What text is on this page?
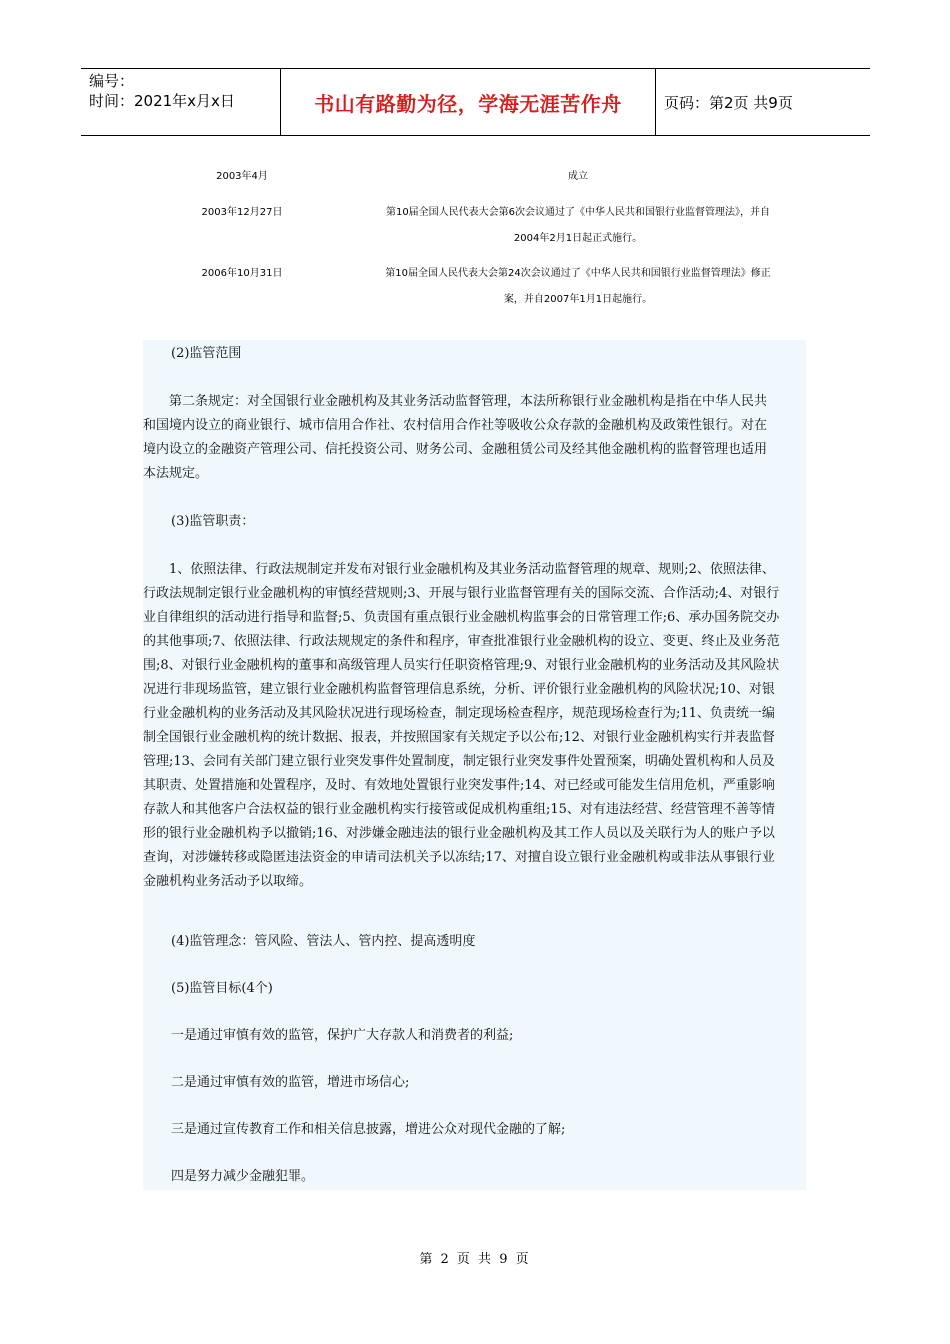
编号：
时间：2021年x月x日	书山有路勤为径，学海无涯苦作舟	页码：第2页 共9页
2003年4月	成立
2003年12月27日	第10届全国人民代表大会第6次会议通过了《中华人民共和国银行业监督管理法》，并自
2004年2月1日起正式施行。
2006年10月31日	第10届全国人民代表大会第24次会议通过了《中华人民共和国银行业监督管理法》修正
案，并自2007年1月1日起施行。
(2)监管范围
　　第二条规定：对全国银行业金融机构及其业务活动监督管理，本法所称银行业金融机构是指在中华人民共
和国境内设立的商业银行、城市信用合作社、农村信用合作社等吸收公众存款的金融机构及政策性银行。对在
境内设立的金融资产管理公司、信托投资公司、财务公司、金融租赁公司及经其他金融机构的监督管理也适用
本法规定。
(3)监管职责：
　　1、依照法律、行政法规制定并发布对银行业金融机构及其业务活动监督管理的规章、规则;2、依照法律、
行政法规制定银行业金融机构的审慎经营规则;3、开展与银行业监督管理有关的国际交流、合作活动;4、对银行
业自律组织的活动进行指导和监督;5、负责国有重点银行业金融机构监事会的日常管理工作;6、承办国务院交办
的其他事项;7、依照法律、行政法规规定的条件和程序，审查批准银行业金融机构的设立、变更、终止及业务范
围;8、对银行业金融机构的董事和高级管理人员实行任职资格管理;9、对银行业金融机构的业务活动及其风险状
况进行非现场监管，建立银行业金融机构监督管理信息系统，分析、评价银行业金融机构的风险状况;10、对银
行业金融机构的业务活动及其风险状况进行现场检查，制定现场检查程序，规范现场检查行为;11、负责统一编
制全国银行业金融机构的统计数据、报表，并按照国家有关规定予以公布;12、对银行业金融机构实行并表监督
管理;13、会同有关部门建立银行业突发事件处置制度，制定银行业突发事件处置预案，明确处置机构和人员及
其职责、处置措施和处置程序，及时、有效地处置银行业突发事件;14、对已经或可能发生信用危机，严重影响
存款人和其他客户合法权益的银行业金融机构实行接管或促成机构重组;15、对有违法经营、经营管理不善等情
形的银行业金融机构予以撤销;16、对涉嫌金融违法的银行业金融机构及其工作人员以及关联行为人的账户予以
查询，对涉嫌转移或隐匿违法资金的申请司法机关予以冻结;17、对擅自设立银行业金融机构或非法从事银行业
金融机构业务活动予以取缔。
(4)监管理念：管风险、管法人、管内控、提高透明度
(5)监管目标(4个)
一是通过审慎有效的监管，保护广大存款人和消费者的利益;
二是通过审慎有效的监管，增进市场信心;
三是通过宣传教育工作和相关信息披露，增进公众对现代金融的了解;
四是努力减少金融犯罪。
第 2 页 共 9 页
